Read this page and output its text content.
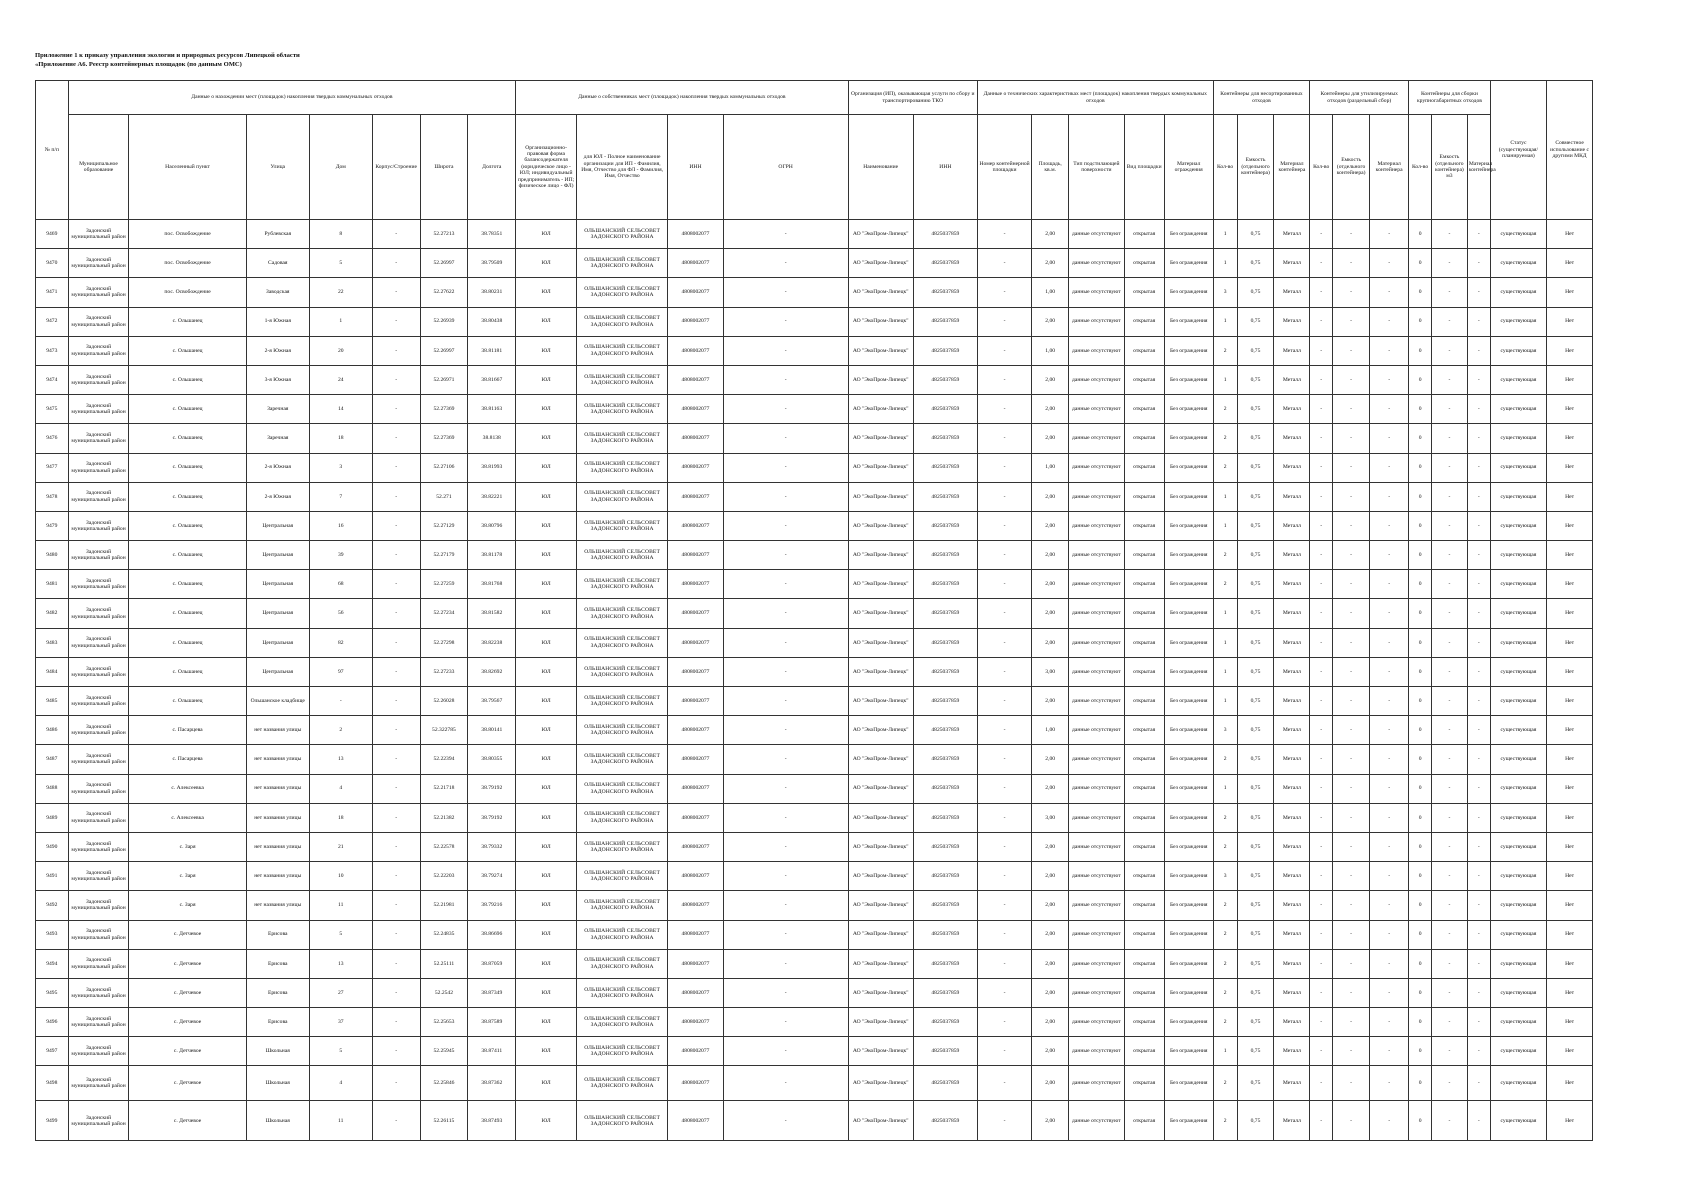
Приложение 1 к приказу управления экологии и природных ресурсов Липецкой области
«Приложение А6. Реестр контейнерных площадок (по данным ОМС)
№ п/п	Данные о нахождении мест (площадок) накопления твердых коммунальных отходов							Данные о собственниках мест (площадок) накопления твердых коммунальных отходов				Организация (ИП), оказывающая услуги по сбору и транспортированию ТКО		Данные о технических характеристиках мест (площадок) накопления твердых коммунальных отходов					Контейнеры для несортированных отходов			Контейнеры для утилизируемых отходов (раздельный сбор)			Контейнеры для сборки крупногабаритных отходов			Статус (существующая/планируемая)	Совместное использование с другими МКД
	Муниципальное образование	Населенный пункт	Улица	Дом	Корпус/Строение	Широта	Долгота	Организационно-правовая форма балансодержателя (юридическое лицо - ЮЛ; индивидуальный предприниматель - ИП; физическое лицо - ФЛ)	для ЮЛ - Полное наименование организации для ИП - Фамилия, Имя, Отчество для ФЛ - Фамилия, Имя, Отчество	ИНН	ОГРН	Наименование	ИНН	Номер контейнерной площадки	Площадь, кв.м.	Тип подстилающей поверхности	Вид площадки	Материал ограждения	Кол-во	Емкость (отдельного контейнера)	Материал контейнера	Кол-во	Емкость (отдельного контейнера)	Материал контейнера	Кол-во	Емкость (отдельного контейнера) м3	Материал контейнера		
9469	Задонский муниципальный район	пос. Освобождение	Рублевская	8	-	52.27213	38.78351	ЮЛ	ОЛЬШАНСКИЙ СЕЛЬСОВЕТ ЗАДОНСКОГО РАЙОНА	4808002077	-	АО "ЭкоПром-Липецк"	4825037859	-	2,00	данные отсутствуют	открытая	Без ограждения	1	0,75	Металл	-	-	-	0	-	-	существующая	Нет
9470	Задонский муниципальный район	пос. Освобождение	Садовая	5	-	52.26997	38.79509	ЮЛ	ОЛЬШАНСКИЙ СЕЛЬСОВЕТ ЗАДОНСКОГО РАЙОНА	4808002077	-	АО "ЭкоПром-Липецк"	4825037859	-	2,00	данные отсутствуют	открытая	Без ограждения	1	0,75	Металл	-	-	-	0	-	-	существующая	Нет
9471	Задонский муниципальный район	пос. Освобождение	Заводская	22	-	52.27622	38.80231	ЮЛ	ОЛЬШАНСКИЙ СЕЛЬСОВЕТ ЗАДОНСКОГО РАЙОНА	4808002077	-	АО "ЭкоПром-Липецк"	4825037859	-	1,00	данные отсутствуют	открытая	Без ограждения	3	0,75	Металл	-	-	-	0	-	-	существующая	Нет
9472	Задонский муниципальный район	с. Ольшанец	1-я Южная	1	-	52.26939	38.80438	ЮЛ	ОЛЬШАНСКИЙ СЕЛЬСОВЕТ ЗАДОНСКОГО РАЙОНА	4808002077	-	АО "ЭкоПром-Липецк"	4825037859	-	2,00	данные отсутствуют	открытая	Без ограждения	1	0,75	Металл	-	-	-	0	-	-	существующая	Нет
9473	Задонский муниципальный район	с. Ольшанец	2-я Южная	20	-	52.26997	38.81181	ЮЛ	ОЛЬШАНСКИЙ СЕЛЬСОВЕТ ЗАДОНСКОГО РАЙОНА	4808002077	-	АО "ЭкоПром-Липецк"	4825037859	-	1,00	данные отсутствуют	открытая	Без ограждения	2	0,75	Металл	-	-	-	0	-	-	существующая	Нет
9474	Задонский муниципальный район	с. Ольшанец	3-я Южная	24	-	52.26971	38.81667	ЮЛ	ОЛЬШАНСКИЙ СЕЛЬСОВЕТ ЗАДОНСКОГО РАЙОНА	4808002077	-	АО "ЭкоПром-Липецк"	4825037859	-	2,00	данные отсутствуют	открытая	Без ограждения	1	0,75	Металл	-	-	-	0	-	-	существующая	Нет
9475	Задонский муниципальный район	с. Ольшанец	Заречная	14	-	52.27369	38.81163	ЮЛ	ОЛЬШАНСКИЙ СЕЛЬСОВЕТ ЗАДОНСКОГО РАЙОНА	4808002077	-	АО "ЭкоПром-Липецк"	4825037859	-	2,00	данные отсутствуют	открытая	Без ограждения	2	0,75	Металл	-	-	-	0	-	-	существующая	Нет
9476	Задонский муниципальный район	с. Ольшанец	Заречная	18	-	52.27369	38.8138	ЮЛ	ОЛЬШАНСКИЙ СЕЛЬСОВЕТ ЗАДОНСКОГО РАЙОНА	4808002077	-	АО "ЭкоПром-Липецк"	4825037859	-	2,00	данные отсутствуют	открытая	Без ограждения	2	0,75	Металл	-	-	-	0	-	-	существующая	Нет
9477	Задонский муниципальный район	с. Ольшанец	2-я Южная	3	-	52.27106	38.81993	ЮЛ	ОЛЬШАНСКИЙ СЕЛЬСОВЕТ ЗАДОНСКОГО РАЙОНА	4808002077	-	АО "ЭкоПром-Липецк"	4825037859	-	1,00	данные отсутствуют	открытая	Без ограждения	2	0,75	Металл	-	-	-	0	-	-	существующая	Нет
9478	Задонский муниципальный район	с. Ольшанец	2-я Южная	7	-	52.271	38.82221	ЮЛ	ОЛЬШАНСКИЙ СЕЛЬСОВЕТ ЗАДОНСКОГО РАЙОНА	4808002077	-	АО "ЭкоПром-Липецк"	4825037859	-	2,00	данные отсутствуют	открытая	Без ограждения	1	0,75	Металл	-	-	-	0	-	-	существующая	Нет
9479	Задонский муниципальный район	с. Ольшанец	Центральная	16	-	52.27129	38.80796	ЮЛ	ОЛЬШАНСКИЙ СЕЛЬСОВЕТ ЗАДОНСКОГО РАЙОНА	4808002077	-	АО "ЭкоПром-Липецк"	4825037859	-	2,00	данные отсутствуют	открытая	Без ограждения	1	0,75	Металл	-	-	-	0	-	-	существующая	Нет
9480	Задонский муниципальный район	с. Ольшанец	Центральная	39	-	52.27179	38.81178	ЮЛ	ОЛЬШАНСКИЙ СЕЛЬСОВЕТ ЗАДОНСКОГО РАЙОНА	4808002077	-	АО "ЭкоПром-Липецк"	4825037859	-	2,00	данные отсутствуют	открытая	Без ограждения	2	0,75	Металл	-	-	-	0	-	-	существующая	Нет
9481	Задонский муниципальный район	с. Ольшанец	Центральная	68	-	52.27259	38.81768	ЮЛ	ОЛЬШАНСКИЙ СЕЛЬСОВЕТ ЗАДОНСКОГО РАЙОНА	4808002077	-	АО "ЭкоПром-Липецк"	4825037859	-	2,00	данные отсутствуют	открытая	Без ограждения	2	0,75	Металл	-	-	-	0	-	-	существующая	Нет
9482	Задонский муниципальный район	с. Ольшанец	Центральная	56	-	52.27234	38.81582	ЮЛ	ОЛЬШАНСКИЙ СЕЛЬСОВЕТ ЗАДОНСКОГО РАЙОНА	4808002077	-	АО "ЭкоПром-Липецк"	4825037859	-	2,00	данные отсутствуют	открытая	Без ограждения	1	0,75	Металл	-	-	-	0	-	-	существующая	Нет
9483	Задонский муниципальный район	с. Ольшанец	Центральная	82	-	52.27298	38.82238	ЮЛ	ОЛЬШАНСКИЙ СЕЛЬСОВЕТ ЗАДОНСКОГО РАЙОНА	4808002077	-	АО "ЭкоПром-Липецк"	4825037859	-	2,00	данные отсутствуют	открытая	Без ограждения	1	0,75	Металл	-	-	-	0	-	-	существующая	Нет
9484	Задонский муниципальный район	с. Ольшанец	Центральная	97	-	52.27233	38.82692	ЮЛ	ОЛЬШАНСКИЙ СЕЛЬСОВЕТ ЗАДОНСКОГО РАЙОНА	4808002077	-	АО "ЭкоПром-Липецк"	4825037859	-	3,00	данные отсутствуют	открытая	Без ограждения	1	0,75	Металл	-	-	-	0	-	-	существующая	Нет
9485	Задонский муниципальный район	с. Ольшанец	Ольшанское кладбище	-	-	52.26028	38.79567	ЮЛ	ОЛЬШАНСКИЙ СЕЛЬСОВЕТ ЗАДОНСКОГО РАЙОНА	4808002077	-	АО "ЭкоПром-Липецк"	4825037859	-	2,00	данные отсутствуют	открытая	Без ограждения	1	0,75	Металл	-	-	-	0	-	-	существующая	Нет
9486	Задонский муниципальный район	с. Пасарцева	нет названия улицы	2	-	52.322785	38.80141	ЮЛ	ОЛЬШАНСКИЙ СЕЛЬСОВЕТ ЗАДОНСКОГО РАЙОНА	4808002077	-	АО "ЭкоПром-Липецк"	4825037859	-	1,00	данные отсутствуют	открытая	Без ограждения	3	0,75	Металл	-	-	-	0	-	-	существующая	Нет
9487	Задонский муниципальный район	с. Пасарцева	нет названия улицы	13	-	52.22394	38.80355	ЮЛ	ОЛЬШАНСКИЙ СЕЛЬСОВЕТ ЗАДОНСКОГО РАЙОНА	4808002077	-	АО "ЭкоПром-Липецк"	4825037859	-	2,00	данные отсутствуют	открытая	Без ограждения	2	0,75	Металл	-	-	-	0	-	-	существующая	Нет
9488	Задонский муниципальный район	с. Алексеевка	нет названия улицы	4	-	52.21718	38.79192	ЮЛ	ОЛЬШАНСКИЙ СЕЛЬСОВЕТ ЗАДОНСКОГО РАЙОНА	4808002077	-	АО "ЭкоПром-Липецк"	4825037859	-	2,00	данные отсутствуют	открытая	Без ограждения	1	0,75	Металл	-	-	-	0	-	-	существующая	Нет
9489	Задонский муниципальный район	с. Алексеевка	нет названия улицы	18	-	52.21382	38.79192	ЮЛ	ОЛЬШАНСКИЙ СЕЛЬСОВЕТ ЗАДОНСКОГО РАЙОНА	4808002077	-	АО "ЭкоПром-Липецк"	4825037859	-	3,00	данные отсутствуют	открытая	Без ограждения	2	0,75	Металл	-	-	-	0	-	-	существующая	Нет
9490	Задонский муниципальный район	с. Заря	нет названия улицы	21	-	52.22578	38.79332	ЮЛ	ОЛЬШАНСКИЙ СЕЛЬСОВЕТ ЗАДОНСКОГО РАЙОНА	4808002077	-	АО "ЭкоПром-Липецк"	4825037859	-	2,00	данные отсутствуют	открытая	Без ограждения	2	0,75	Металл	-	-	-	0	-	-	существующая	Нет
9491	Задонский муниципальный район	с. Заря	нет названия улицы	10	-	52.22203	38.79274	ЮЛ	ОЛЬШАНСКИЙ СЕЛЬСОВЕТ ЗАДОНСКОГО РАЙОНА	4808002077	-	АО "ЭкоПром-Липецк"	4825037859	-	2,00	данные отсутствуют	открытая	Без ограждения	3	0,75	Металл	-	-	-	0	-	-	существующая	Нет
9492	Задонский муниципальный район	с. Заря	нет названия улицы	11	-	52.21981	38.79216	ЮЛ	ОЛЬШАНСКИЙ СЕЛЬСОВЕТ ЗАДОНСКОГО РАЙОНА	4808002077	-	АО "ЭкоПром-Липецк"	4825037859	-	2,00	данные отсутствуют	открытая	Без ограждения	2	0,75	Металл	-	-	-	0	-	-	существующая	Нет
9493	Задонский муниципальный район	с. Детчевое	Ерисова	5	-	52.24835	38.86696	ЮЛ	ОЛЬШАНСКИЙ СЕЛЬСОВЕТ ЗАДОНСКОГО РАЙОНА	4808002077	-	АО "ЭкоПром-Липецк"	4825037859	-	2,00	данные отсутствуют	открытая	Без ограждения	2	0,75	Металл	-	-	-	0	-	-	существующая	Нет
9494	Задонский муниципальный район	с. Детчевое	Ерисова	13	-	52.25111	38.87059	ЮЛ	ОЛЬШАНСКИЙ СЕЛЬСОВЕТ ЗАДОНСКОГО РАЙОНА	4808002077	-	АО "ЭкоПром-Липецк"	4825037859	-	2,00	данные отсутствуют	открытая	Без ограждения	2	0,75	Металл	-	-	-	0	-	-	существующая	Нет
9495	Задонский муниципальный район	с. Детчевое	Ерисова	27	-	52.2542	38.87349	ЮЛ	ОЛЬШАНСКИЙ СЕЛЬСОВЕТ ЗАДОНСКОГО РАЙОНА	4808002077	-	АО "ЭкоПром-Липецк"	4825037859	-	2,00	данные отсутствуют	открытая	Без ограждения	2	0,75	Металл	-	-	-	0	-	-	существующая	Нет
9496	Задонский муниципальный район	с. Детчевое	Ерисова	37	-	52.25653	38.87589	ЮЛ	ОЛЬШАНСКИЙ СЕЛЬСОВЕТ ЗАДОНСКОГО РАЙОНА	4808002077	-	АО "ЭкоПром-Липецк"	4825037859	-	2,00	данные отсутствуют	открытая	Без ограждения	2	0,75	Металл	-	-	-	0	-	-	существующая	Нет
9497	Задонский муниципальный район	с. Детчевое	Школьная	5	-	52.25945	38.87411	ЮЛ	ОЛЬШАНСКИЙ СЕЛЬСОВЕТ ЗАДОНСКОГО РАЙОНА	4808002077	-	АО "ЭкоПром-Липецк"	4825037859	-	2,00	данные отсутствуют	открытая	Без ограждения	1	0,75	Металл	-	-	-	0	-	-	существующая	Нет
9498	Задонский муниципальный район	с. Детчевое	Школьная	4	-	52.25846	38.87362	ЮЛ	ОЛЬШАНСКИЙ СЕЛЬСОВЕТ ЗАДОНСКОГО РАЙОНА	4808002077	-	АО "ЭкоПром-Липецк"	4825037859	-	2,00	данные отсутствуют	открытая	Без ограждения	2	0,75	Металл	-	-	-	0	-	-	существующая	Нет
9499	Задонский муниципальный район	с. Детчевое	Школьная	11	-	52.26115	38.87493	ЮЛ	ОЛЬШАНСКИЙ СЕЛЬСОВЕТ ЗАДОНСКОГО РАЙОНА	4808002077	-	АО "ЭкоПром-Липецк"	4825037859	-	2,00	данные отсутствуют	открытая	Без ограждения	2	0,75	Металл	-	-	-	0	-	-	существующая	Нет
